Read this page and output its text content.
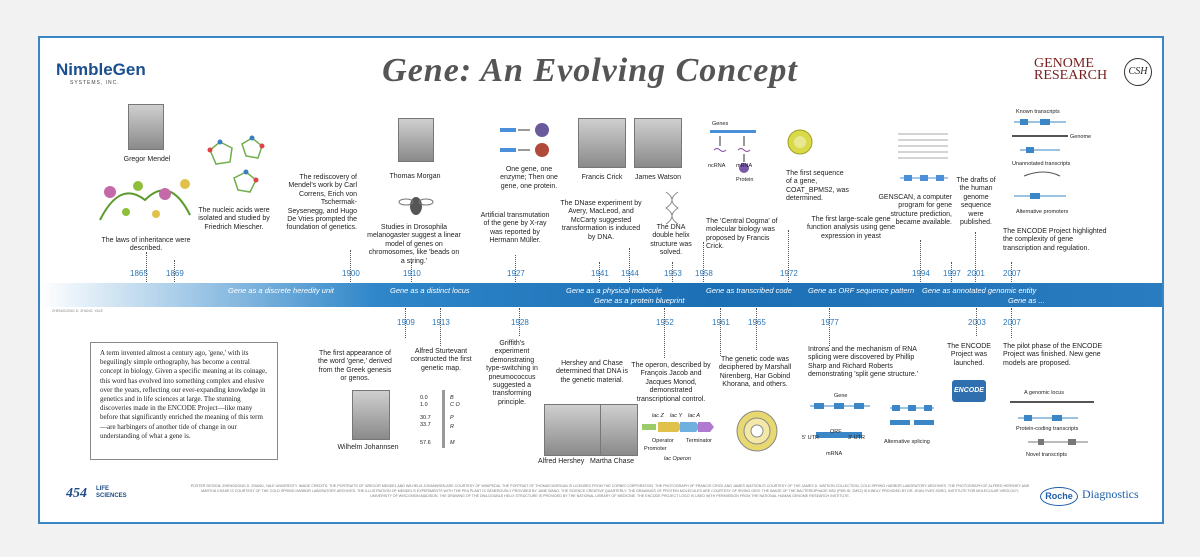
NimbleGen
SYSTEMS, INC.	Gene: An Evolving Concept	GENOME
RESEARCH	CSH
Gene as a discrete heredity unit	Gene as a distinct locus	Gene as a physical molecule
Gene as a protein blueprint
Gene as transcribed code Gene as ORF sequence pattern Gene as annotated genomic entity
Gene as ...
ZHENGDONG D. ZHANG, YALE
1865 1869	1900	1910	1927	1941 1944	1953 1958	1972	1994 1997 2001 2007
1909 1913	1928	1952	1961 1965	1977	2003 2007
Gregor Mendel
The laws of inheritance were described.
The nucleic acids were isolated and studied by Friedrich Miescher.
The rediscovery of Mendel's work by Carl Correns, Erich von Tschermak-Seysenegg, and Hugo De Vries prompted the foundation of genetics.
Thomas Morgan
Studies in Drosophila melanogaster suggest a linear model of genes on chromosomes, like 'beads on a string.'
One gene, one enzyme; Then one gene, one protein.
Artificial transmutation of the gene by X-ray was reported by Hermann Müller.
Francis Crick	James Watson
The DNase experiment by Avery, MacLeod, and McCarty suggested transformation is induced by DNA.
The DNA double helix structure was solved.
Genes
ncRNA mRNA
Protein
The 'Central Dogma' of molecular biology was proposed by Francis Crick.
The first sequence of a gene, COAT_BPMS2, was determined.
The first large-scale gene function analysis using gene expression in yeast
GENSCAN, a computer program for gene structure prediction, became available.
The drafts of the human genome sequence were published.
Known transcripts
Genome
Unannotated transcripts
Alternative promoters
The ENCODE Project highlighted the complexity of gene transcription and regulation.
A term invented almost a century ago, 'gene,' with its beguilingly simple orthography, has become a central concept in biology. Given a specific meaning at its coinage, this word has evolved into something complex and elusive over the years, reflecting our ever-expanding knowledge in genetics and in life sciences at large. The stunning discoveries made in the ENCODE Project—like many before that significantly enriched the meaning of this term—are harbingers of another tide of change in our understanding of what a gene is.
The first appearance of the word 'gene,' derived from the Greek genesis or genos.
Wilhelm Johannsen
Alfred Sturtevant constructed the first genetic map.
0.0
1.0
30.7
33.7
57.6
B
C O
P
R
M
Griffith's experiment demonstrating type-switching in pneumococcus suggested a transforming principle.
Hershey and Chase determined that DNA is the genetic material.
Alfred Hershey Martha Chase
The operon, described by François Jacob and Jacques Monod, demonstrated transcriptional control.
lac Z lac Y lac A
Operator Terminator
Promoter
lac Operon
The genetic code was deciphered by Marshall Nirenberg, Har Gobind Khorana, and others.
Introns and the mechanism of RNA splicing were discovered by Phillip Sharp and Richard Roberts demonstrating 'split gene structure.'
Gene
5' UTR
ORF
3' UTR
mRNA
Alternative splicing
The ENCODE Project was launched.
ENCODE
The pilot phase of the ENCODE Project was finished. New gene models are proposed.
A genomic locus
Protein-coding transcripts
Novel transcripts
454 LIFE
SCIENCES
POSTER DESIGN: ZHENGDONG D. ZHANG, YALE UNIVERSITY. IMAGE CREDITS: THE PORTRAITS OF GREGOR MENDEL AND WILHELM JOHANNSEN ARE COURTESY OF WIKIPEDIA. THE PORTRAIT OF THOMAS MORGAN IS LICENSED FROM THE CORBIS CORPORATION. THE PHOTOGRAPH OF FRANCIS CRICK AND JAMES WATSON IS COURTESY OF THE JAMES D. WATSON COLLECTION, COLD SPRING HARBOR LABORATORY ARCHIVES. THE PHOTOGRAPH OF ALFRED HERSHEY AND MARTHA CHASE IS COURTESY OF THE COLD SPRING HARBOR LABORATORY ARCHIVES. THE ILLUSTRATION OF MENDEL'S EXPERIMENTS WITH THE PEA PLANT IS GENEROUSLY PROVIDED BY JANE WANG. THE SCIENCE CREATIVE QUARTERLY. THE DRAWINGS OF PROTEIN MOLECULES ARE COURTESY OF IRVING GEIS. THE IMAGE OF THE BACTERIOPHAGE MS2 (PDB ID: 2MS2) IS KINDLY PROVIDED BY DR. JEAN-YVES SGRO, INSTITUTE FOR MOLECULAR VIROLOGY, UNIVERSITY OF WISCONSIN-MADISON. THE DRAWING OF THE DNA DOUBLE HELIX STRUCTURE IS PROVIDED BY THE NATIONAL LIBRARY OF MEDICINE. THE ENCODE PROJECT LOGO IS USED WITH PERMISSION FROM THE NATIONAL HUMAN GENOME RESEARCH INSTITUTE.	Roche Diagnostics
